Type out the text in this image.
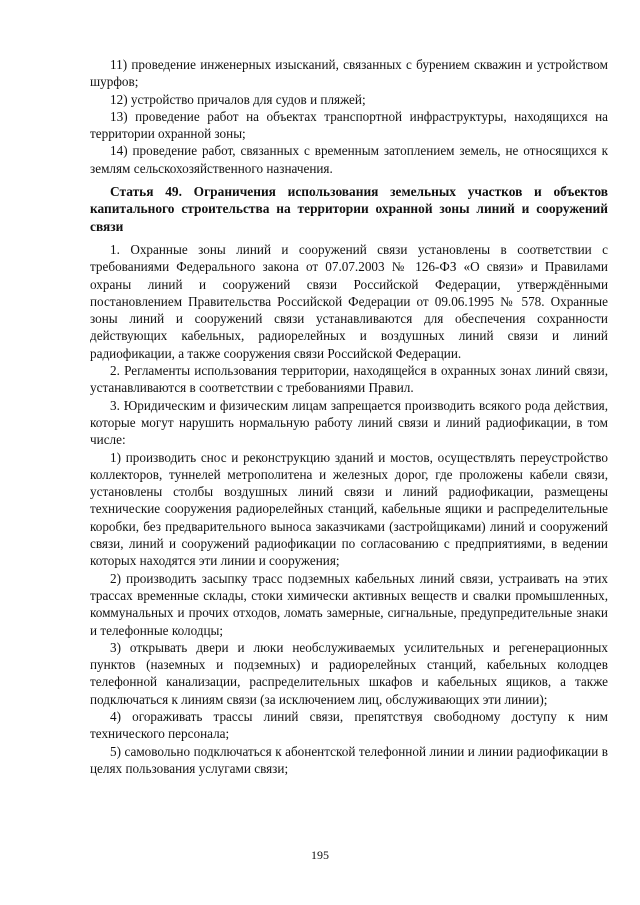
11) проведение инженерных изысканий, связанных с бурением скважин и устройством шурфов;

12) устройство причалов для судов и пляжей;

13) проведение работ на объектах транспортной инфраструктуры, находящихся на территории охранной зоны;

14) проведение работ, связанных с временным затоплением земель, не относящихся к землям сельскохозяйственного назначения.

Статья 49. Ограничения использования земельных участков и объектов капитального строительства на территории охранной зоны линий и сооружений связи

1. Охранные зоны линий и сооружений связи установлены в соответствии с требованиями Федерального закона от 07.07.2003 № 126-ФЗ «О связи» и Правилами охраны линий и сооружений связи Российской Федерации, утверждёнными постановлением Правительства Российской Федерации от 09.06.1995 № 578. Охранные зоны линий и сооружений связи устанавливаются для обеспечения сохранности действующих кабельных, радиорелейных и воздушных линий связи и линий радиофикации, а также сооружения связи Российской Федерации.

2. Регламенты использования территории, находящейся в охранных зонах линий связи, устанавливаются в соответствии с требованиями Правил.

3. Юридическим и физическим лицам запрещается производить всякого рода действия, которые могут нарушить нормальную работу линий связи и линий радиофикации, в том числе:

1) производить снос и реконструкцию зданий и мостов, осуществлять переустройство коллекторов, туннелей метрополитена и железных дорог, где проложены кабели связи, установлены столбы воздушных линий связи и линий радиофикации, размещены технические сооружения радиорелейных станций, кабельные ящики и распределительные коробки, без предварительного выноса заказчиками (застройщиками) линий и сооружений связи, линий и сооружений радиофикации по согласованию с предприятиями, в ведении которых находятся эти линии и сооружения;

2) производить засыпку трасс подземных кабельных линий связи, устраивать на этих трассах временные склады, стоки химически активных веществ и свалки промышленных, коммунальных и прочих отходов, ломать замерные, сигнальные, предупредительные знаки и телефонные колодцы;

3) открывать двери и люки необслуживаемых усилительных и регенерационных пунктов (наземных и подземных) и радиорелейных станций, кабельных колодцев телефонной канализации, распределительных шкафов и кабельных ящиков, а также подключаться к линиям связи (за исключением лиц, обслуживающих эти линии);

4) огораживать трассы линий связи, препятствуя свободному доступу к ним технического персонала;

5) самовольно подключаться к абонентской телефонной линии и линии радиофикации в целях пользования услугами связи;

195
